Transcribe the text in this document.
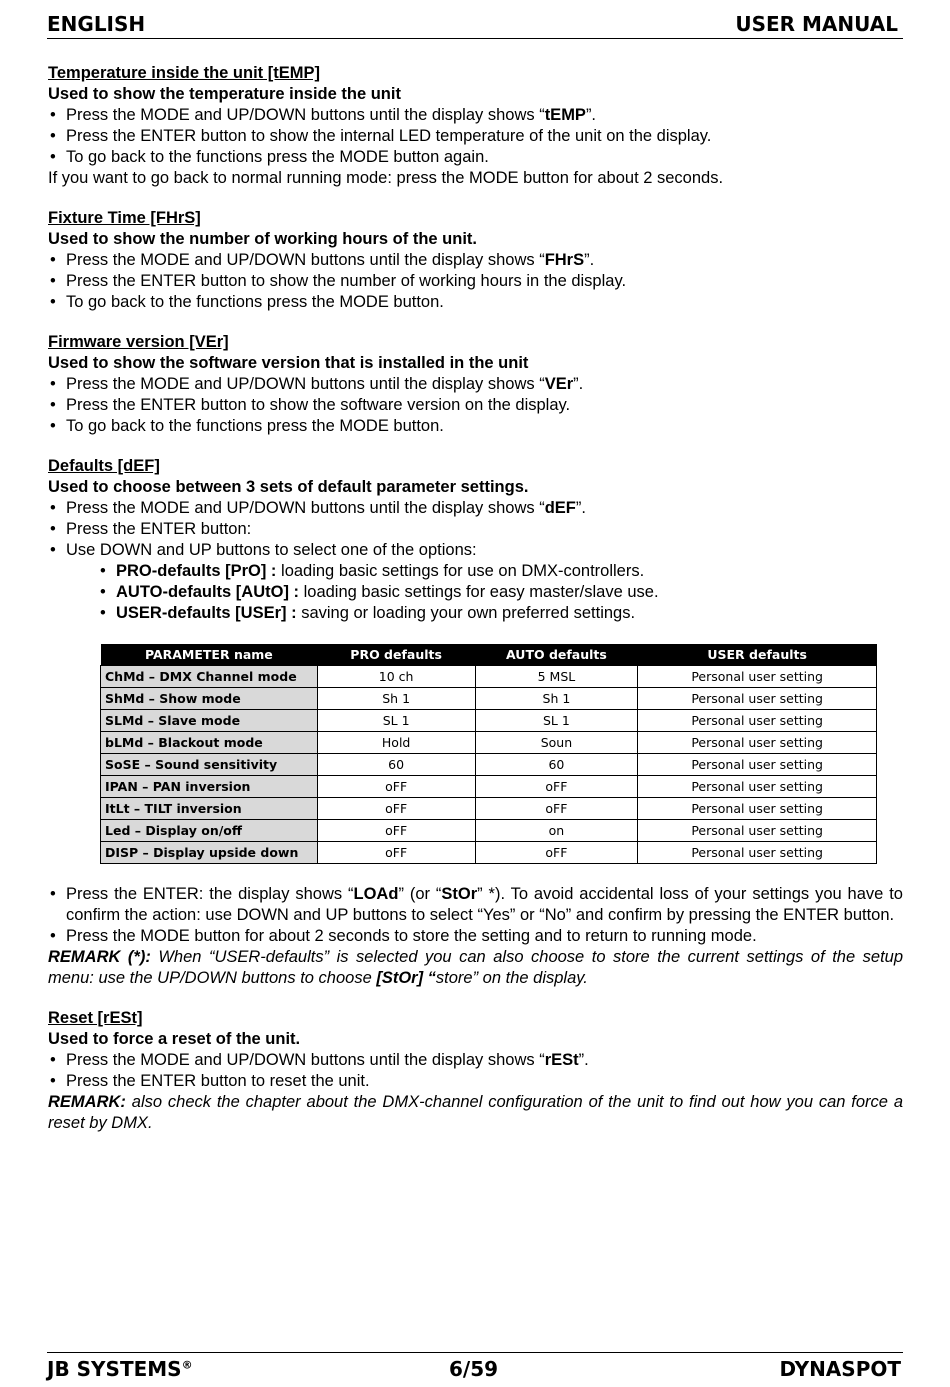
ENGLISH	USER MANUAL
Temperature inside the unit [tEMP]
Used to show the temperature inside the unit
• Press the MODE and UP/DOWN buttons until the display shows “tEMP”.
• Press the ENTER button to show the internal LED temperature of the unit on the display.
• To go back to the functions press the MODE button again.
If you want to go back to normal running mode: press the MODE button for about 2 seconds.
Fixture Time [FHrS]
Used to show the number of working hours of the unit.
• Press the MODE and UP/DOWN buttons until the display shows “FHrS”.
• Press the ENTER button to show the number of working hours in the display.
• To go back to the functions press the MODE button.
Firmware version [VEr]
Used to show the software version that is installed in the unit
• Press the MODE and UP/DOWN buttons until the display shows “VEr”.
• Press the ENTER button to show the software version on the display.
• To go back to the functions press the MODE button.
Defaults [dEF]
Used to choose between 3 sets of default parameter settings.
• Press the MODE and UP/DOWN buttons until the display shows “dEF”.
• Press the ENTER button:
• Use DOWN and UP buttons to select one of the options:
• PRO-defaults [PrO] : loading basic settings for use on DMX-controllers.
• AUTO-defaults [AUtO] : loading basic settings for easy master/slave use.
• USER-defaults [USEr] : saving or loading your own preferred settings.
PARAMETER name	PRO defaults	AUTO defaults	USER defaults
ChMd – DMX Channel mode	10 ch	5 MSL	Personal user setting
ShMd – Show mode	Sh 1	Sh 1	Personal user setting
SLMd – Slave mode	SL 1	SL 1	Personal user setting
bLMd – Blackout mode	Hold	Soun	Personal user setting
SoSE – Sound sensitivity	60	60	Personal user setting
IPAN – PAN inversion	oFF	oFF	Personal user setting
ItLt – TILT inversion	oFF	oFF	Personal user setting
Led – Display on/off	oFF	on	Personal user setting
DISP – Display upside down	oFF	oFF	Personal user setting
• Press the ENTER: the display shows “LOAd” (or “StOr” *). To avoid accidental loss of your settings you have to confirm the action: use DOWN and UP buttons to select “Yes” or “No” and confirm by pressing the ENTER button.
• Press the MODE button for about 2 seconds to store the setting and to return to running mode.
REMARK (*): When “USER-defaults” is selected you can also choose to store the current settings of the setup menu: use the UP/DOWN buttons to choose [StOr] “store” on the display.
Reset [rESt]
Used to force a reset of the unit.
• Press the MODE and UP/DOWN buttons until the display shows “rESt”.
• Press the ENTER button to reset the unit.
REMARK: also check the chapter about the DMX-channel configuration of the unit to find out how you can force a reset by DMX.
JB SYSTEMS®	6/59	DYNASPOT
